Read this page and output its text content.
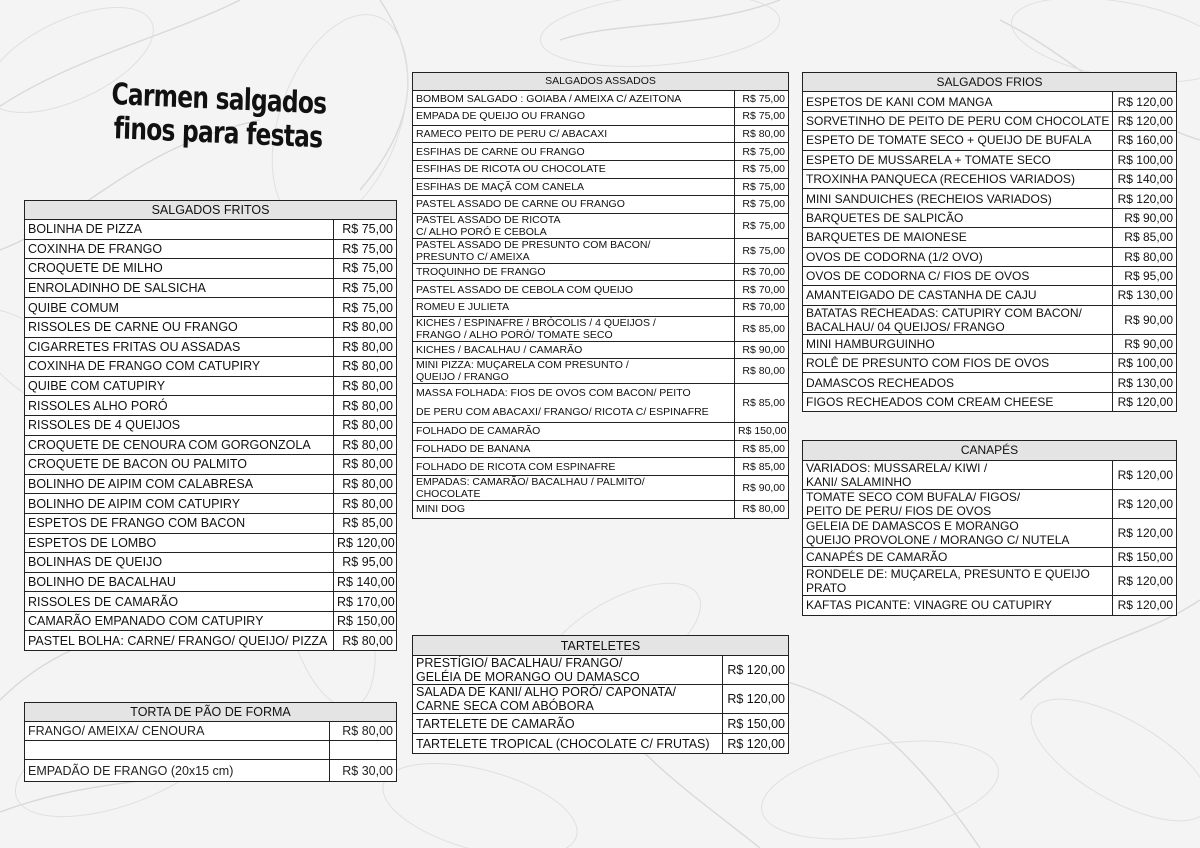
Carmen salgados
finos para festas
SALGADOS FRITOS	
BOLINHA DE PIZZA	R$ 75,00
COXINHA DE FRANGO	R$ 75,00
CROQUETE DE MILHO	R$ 75,00
ENROLADINHO DE SALSICHA	R$ 75,00
QUIBE COMUM	R$ 75,00
RISSOLES DE CARNE OU FRANGO	R$ 80,00
CIGARRETES FRITAS OU ASSADAS	R$ 80,00
COXINHA DE FRANGO COM CATUPIRY	R$ 80,00
QUIBE COM CATUPIRY	R$ 80,00
RISSOLES ALHO PORÓ	R$ 80,00
RISSOLES DE 4 QUEIJOS	R$ 80,00
CROQUETE DE CENOURA COM GORGONZOLA	R$ 80,00
CROQUETE DE BACON OU PALMITO	R$ 80,00
BOLINHO DE AIPIM COM CALABRESA	R$ 80,00
BOLINHO DE AIPIM COM CATUPIRY	R$ 80,00
ESPETOS DE FRANGO COM BACON	R$ 85,00
ESPETOS DE LOMBO	R$ 120,00
BOLINHAS DE QUEIJO	R$ 95,00
BOLINHO DE BACALHAU	R$ 140,00
RISSOLES DE CAMARÃO	R$ 170,00
CAMARÃO EMPANADO COM CATUPIRY	R$ 150,00
PASTEL BOLHA: CARNE/ FRANGO/ QUEIJO/ PIZZA	R$ 80,00
TORTA DE PÃO DE FORMA	
FRANGO/ AMEIXA/ CENOURA	R$ 80,00

EMPADÃO DE FRANGO (20x15 cm)	R$ 30,00
SALGADOS ASSADOS	

BOMBOM SALGADO : GOIABA / AMEIXA C/ AZEITONA	R$ 75,00

EMPADA DE QUEIJO OU FRANGO	R$ 75,00

RAMECO PEITO DE PERU C/ ABACAXI	R$ 80,00

ESFIHAS DE CARNE OU FRANGO	R$ 75,00

ESFIHAS DE RICOTA OU CHOCOLATE	R$ 75,00

ESFIHAS DE MAÇÃ COM CANELA	R$ 75,00

PASTEL ASSADO DE CARNE OU FRANGO	R$ 75,00

PASTEL ASSADO DE RICOTA
C/ ALHO PORÓ E CEBOLA	R$ 75,00

PASTEL ASSADO DE PRESUNTO COM BACON/
PRESUNTO C/ AMEIXA	R$ 75,00

TROQUINHO DE FRANGO	R$ 70,00

PASTEL ASSADO DE CEBOLA COM QUEIJO	R$ 70,00

ROMEU E JULIETA	R$ 70,00

KICHES / ESPINAFRE / BRÓCOLIS / 4 QUEIJOS /
FRANGO / ALHO PORÓ/ TOMATE SECO	R$ 85,00

KICHES / BACALHAU / CAMARÃO	R$ 90,00

MINI PIZZA: MUÇARELA COM PRESUNTO /
QUEIJO / FRANGO	R$ 80,00

MASSA FOLHADA: FIOS DE OVOS COM BACON/ PEITO
DE PERU COM ABACAXI/ FRANGO/ RICOTA C/ ESPINAFRE	R$ 85,00

FOLHADO DE CAMARÃO	R$ 150,00

FOLHADO DE BANANA	R$ 85,00

FOLHADO DE RICOTA COM ESPINAFRE	R$ 85,00

EMPADAS: CAMARÃO/ BACALHAU / PALMITO/
CHOCOLATE	R$ 90,00

MINI DOG	R$ 80,00
TARTELETES	

PRESTÍGIO/ BACALHAU/ FRANGO/
GELÉIA DE MORANGO OU DAMASCO	R$ 120,00

SALADA DE KANI/ ALHO PORÓ/ CAPONATA/
CARNE SECA COM ABÓBORA	R$ 120,00

TARTELETE DE CAMARÃO	R$ 150,00

TARTELETE TROPICAL (CHOCOLATE C/ FRUTAS)	R$ 120,00
SALGADOS FRIOS	

ESPETOS DE KANI COM MANGA	R$ 120,00

SORVETINHO DE PEITO DE PERU COM CHOCOLATE	R$ 120,00

ESPETO DE TOMATE SECO + QUEIJO DE BUFALA	R$ 160,00

ESPETO DE MUSSARELA + TOMATE SECO	R$ 100,00

TROXINHA PANQUECA (RECEHIOS VARIADOS)	R$ 140,00

MINI SANDUICHES (RECHEIOS VARIADOS)	R$ 120,00

BARQUETES DE SALPICÃO	R$ 90,00

BARQUETES DE MAIONESE	R$ 85,00

OVOS DE CODORNA (1/2 OVO)	R$ 80,00

OVOS DE CODORNA C/ FIOS DE OVOS	R$ 95,00

AMANTEIGADO DE CASTANHA DE CAJU	R$ 130,00

BATATAS RECHEADAS: CATUPIRY COM BACON/
BACALHAU/ 04 QUEIJOS/ FRANGO	R$ 90,00

MINI HAMBURGUINHO	R$ 90,00

ROLÊ DE PRESUNTO COM FIOS DE OVOS	R$ 100,00

DAMASCOS RECHEADOS	R$ 130,00

FIGOS RECHEADOS COM CREAM CHEESE	R$ 120,00
CANAPÉS	

VARIADOS: MUSSARELA/ KIWI /
KANI/ SALAMINHO	R$ 120,00

TOMATE SECO COM BUFALA/ FIGOS/
PEITO DE PERU/ FIOS DE OVOS	R$ 120,00

GELEIA DE DAMASCOS E MORANGO
QUEIJO PROVOLONE / MORANGO C/ NUTELA	R$ 120,00

CANAPÉS DE CAMARÃO	R$ 150,00

RONDELE DE: MUÇARELA, PRESUNTO E QUEIJO
PRATO	R$ 120,00

KAFTAS PICANTE: VINAGRE OU CATUPIRY	R$ 120,00
